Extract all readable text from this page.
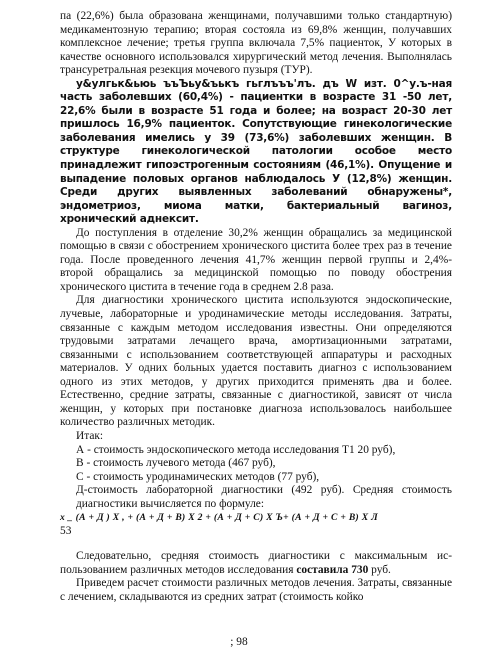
па (22,6%) была образована женщинами, получавшими только стандартную) медикаментозную терапию; вторая состояла из 69,8% женщин, получавших комплексное лечение; третья группа включала 7,5% пациенток, У которых в качестве основного использовался хирургический метод лечения. Выполнялась трансуретральная резекция мочевого пузыря (ТУР).

у&улгьк&ьюь ъъЪьу&ъькъ гьглъъъ'лъ. дъ W изт. 0^у.ъ-ная часть заболевших (60,4%) - пациентки в возрасте 31 -50 лет, 22,6% были в возрасте 51 года и более; на возраст 20-30 лет пришлось 16,9% пациенток. Сопутствующие гинекологические заболевания имелись у 39 (73,6%) заболевших женщин. В структуре гинекологической патологии особое место принадлежит гипоэстрогенным состояниям (46,1%). Опущение и выпадение половых органов наблюдалось У (12,8%) женщин. Среди других выявленных заболеваний обнаружены*, эндометриоз, миома матки, бактериальный вагиноз, хронический аднексит.

До поступления в отделение 30,2% женщин обращались за медицинской помощью в связи с обострением хронического цистита более трех раз в течение года. После проведенного лечения 41,7% женщин первой группы и 2,4%- второй обращались за медицинской помощью по поводу обострения хронического цистита в течение года в среднем 2.8 раза.

Для диагностики хронического цистита используются эндоскопические, лучевые, лабораторные и уродинамические методы исследования. Затраты, связанные с каждым методом исследования известны. Они определяются трудовыми затратами лечащего врача, амортизационными затратами, связанными с использованием соответствующей аппаратуры и расходных материалов. У одних больных удается поставить диагноз с использованием одного из этих методов, у других приходится применять два и более. Естественно, средние затраты, связанные с диагностикой, зависят от числа женщин, у которых при постановке диагноза использовалось наибольшее количество различных методик.

Итак:

А - стоимость эндоскопического метода исследования Т1 20 руб),

В - стоимость лучевого метода (467 руб),

С - стоимость уродинамических методов (77 руб),

Д-стоимость лабораторной диагностики (492 руб). Средняя стоимость диагностики вычисляется по формуле:

х _ (А + Д ) Х , + (А + Д + В) Х 2 + (А + Д + С) Х Ъ+ (А + Д + С + В) Х Л

53

Следовательно, средняя стоимость диагностики с максимальным использованием различных методов исследования составила 730 руб.

Приведем расчет стоимости различных методов лечения. Затраты, связанные с лечением, складываются из средних затрат (стоимость койко

; 98
